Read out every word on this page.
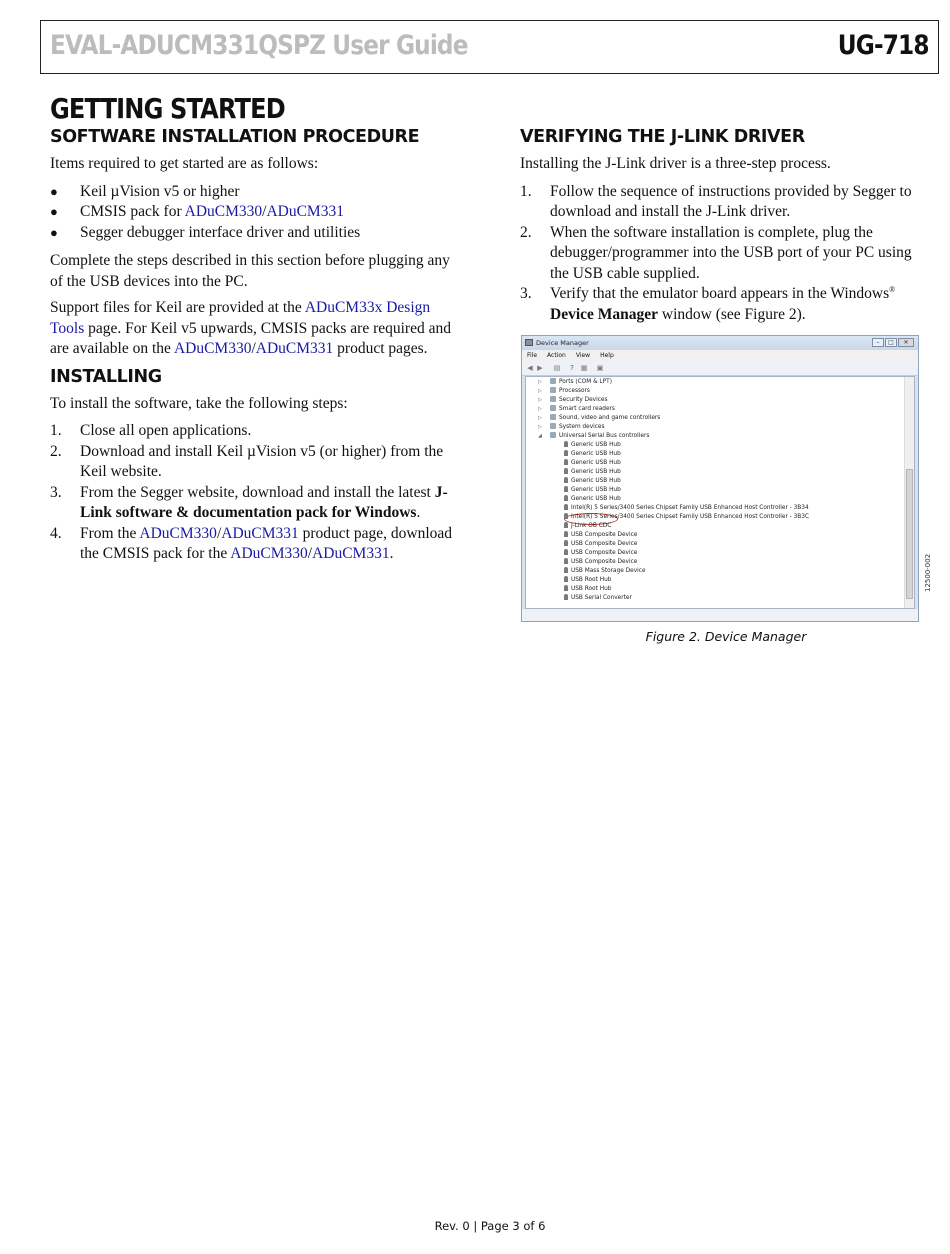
EVAL-ADUCM331QSPZ User Guide	UG-718
GETTING STARTED
SOFTWARE INSTALLATION PROCEDURE

Items required to get started are as follows:

●	Keil µVision v5 or higher
●	CMSIS pack for ADuCM330/ADuCM331
●	Segger debugger interface driver and utilities

Complete the steps described in this section before plugging any of the USB devices into the PC.

Support files for Keil are provided at the ADuCM33x Design Tools page. For Keil v5 upwards, CMSIS packs are required and are available on the ADuCM330/ADuCM331 product pages.

INSTALLING

To install the software, take the following steps:

1. Close all open applications.
2. Download and install Keil µVision v5 (or higher) from the Keil website.
3. From the Segger website, download and install the latest J-Link software & documentation pack for Windows.
4. From the ADuCM330/ADuCM331 product page, download the CMSIS pack for the ADuCM330/ADuCM331.
VERIFYING THE J-LINK DRIVER

Installing the J-Link driver is a three-step process.

1. Follow the sequence of instructions provided by Segger to download and install the J-Link driver.
2. When the software installation is complete, plug the debugger/programmer into the USB port of your PC using the USB cable supplied.
3. Verify that the emulator board appears in the Windows®
Device Manager window (see Figure 2).
Device Manager	–	□	✕
File	Action	View	Help
◀ ▶ ▤	? ▦ ▣
▷	Ports (COM & LPT)
▷	Processors
▷	Security Devices
▷	Smart card readers
▷	Sound, video and game controllers
▷	System devices
◢	Universal Serial Bus controllers
Generic USB Hub
Generic USB Hub
Generic USB Hub
Generic USB Hub
Generic USB Hub
Generic USB Hub
Generic USB Hub
Intel(R) 5 Series/3400 Series Chipset Family USB Enhanced Host Controller - 3B34
Intel(R) 5 Series/3400 Series Chipset Family USB Enhanced Host Controller - 3B3C
J-Link OB CDC
USB Composite Device
USB Composite Device
USB Composite Device
USB Composite Device
USB Mass Storage Device
USB Root Hub
USB Root Hub
USB Serial Converter
12500-002
Figure 2. Device Manager
Rev. 0 | Page 3 of 6
